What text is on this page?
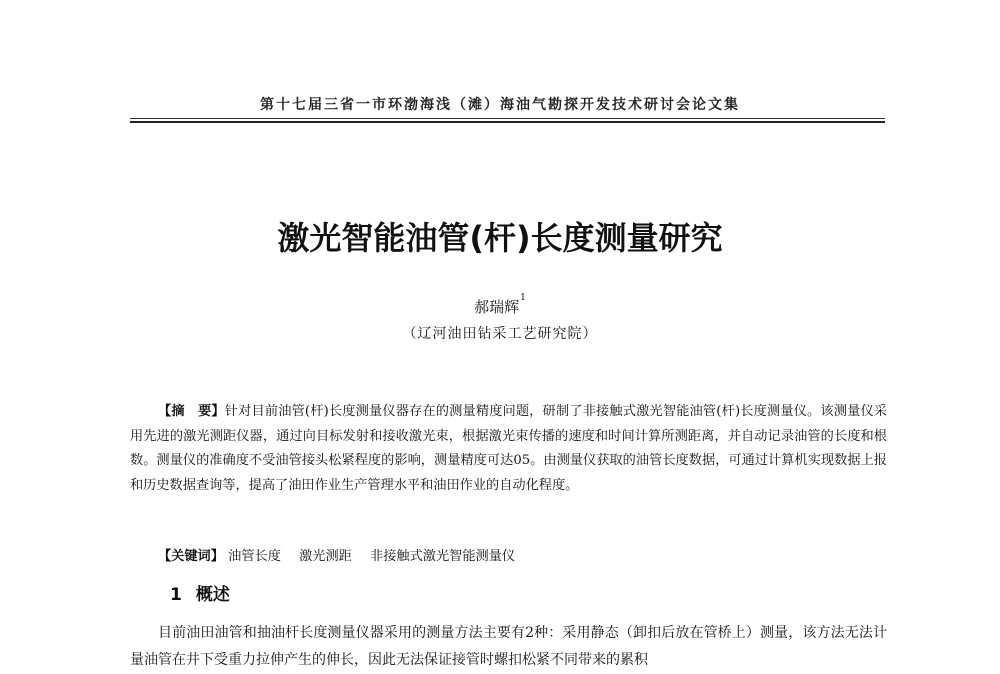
第十七届三省一市环渤海浅（滩）海油气勘探开发技术研讨会论文集
激光智能油管(杆)长度测量研究
郝瑞辉$^1$
（辽河油田钻采工艺研究院）
【摘　要】针对目前油管(杆)长度测量仪器存在的测量精度问题，研制了非接触式激光智能油管(杆)长度测量仪。该测量仪采用先进的激光测距仪器，通过向目标发射和接收激光束，根据激光束传播的速度和时间计算所测距离，并自动记录油管的长度和根数。测量仪的准确度不受油管接头松紧程度的影响，测量精度可达05。由测量仪获取的油管长度数据，可通过计算机实现数据上报和历史数据查询等，提高了油田作业生产管理水平和油田作业的自动化程度。
【关键词】 油管长度 激光测距 非接触式激光智能测量仪
1 概述
目前油田油管和抽油杆长度测量仪器采用的测量方法主要有2种：采用静态（卸扣后放在管桥上）测量，该方法无法计量油管在井下受重力拉伸产生的伸长，因此无法保证接管时螺扣松紧不同带来的累积
